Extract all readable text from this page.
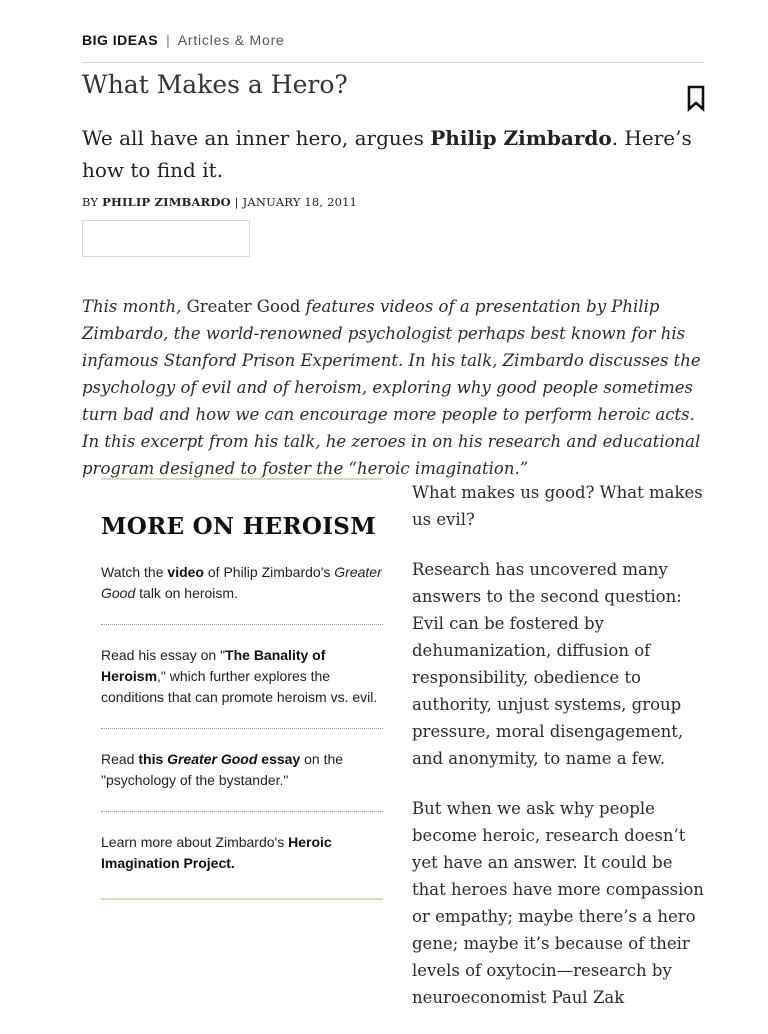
BIG IDEAS | Articles & More
What Makes a Hero?

We all have an inner hero, argues Philip Zimbardo. Here’s how to find it.

BY PHILIP ZIMBARDO | JANUARY 18, 2011

This month, Greater Good features videos of a presentation by Philip Zimbardo, the world-renowned psychologist perhaps best known for his infamous Stanford Prison Experiment. In his talk, Zimbardo discusses the psychology of evil and of heroism, exploring why good people sometimes turn bad and how we can encourage more people to perform heroic acts. In this excerpt from his talk, he zeroes in on his research and educational program designed to foster the “heroic imagination.”

MORE ON HEROISM
Watch the video of Philip Zimbardo's Greater Good talk on heroism.
Read his essay on "The Banality of Heroism," which further explores the conditions that can promote heroism vs. evil.
Read this Greater Good essay on the "psychology of the bystander."
Learn more about Zimbardo's Heroic Imagination Project.

What makes us good? What makes us evil?

Research has uncovered many answers to the second question: Evil can be fostered by dehumanization, diffusion of responsibility, obedience to authority, unjust systems, group pressure, moral disengagement, and anonymity, to name a few.

But when we ask why people become heroic, research doesn’t yet have an answer. It could be that heroes have more compassion or empathy; maybe there’s a hero gene; maybe it’s because of their levels of oxytocin—research by neuroeconomist Paul Zak
